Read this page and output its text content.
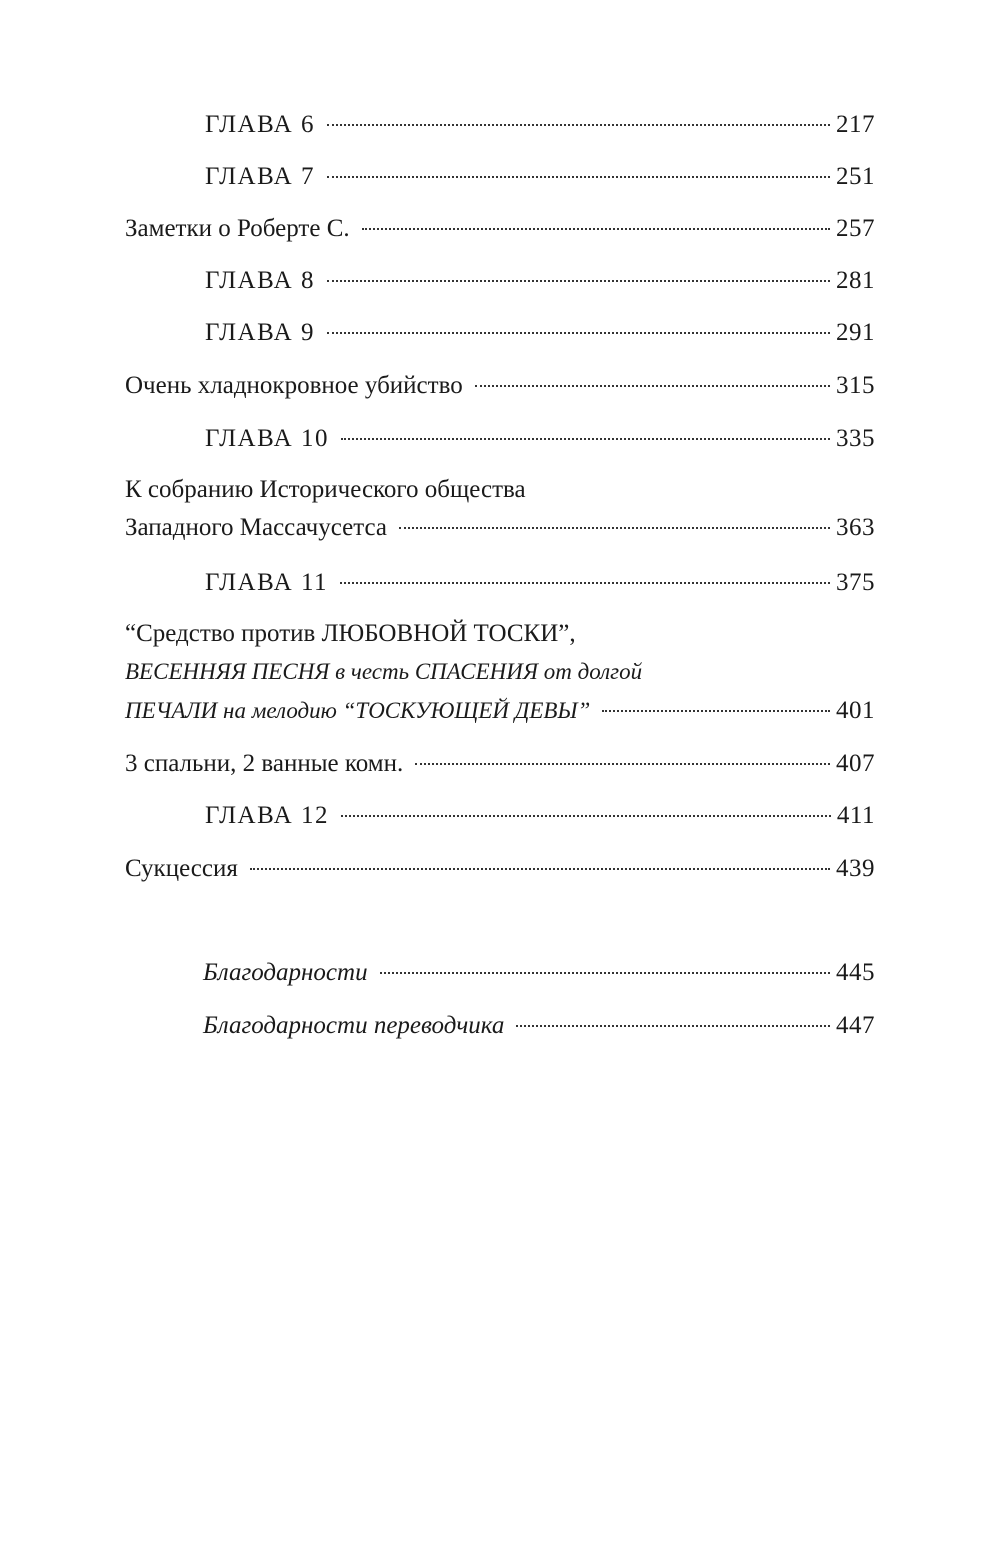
ГЛАВА 6	217
ГЛАВА 7	251
Заметки о Роберте С.	257
ГЛАВА 8	281
ГЛАВА 9	291
Очень хладнокровное убийство	315
ГЛАВА 10	335
К собранию Исторического общества
Западного Массачусетса	363
ГЛАВА 11	375
“Средство против ЛЮБОВНОЙ ТОСКИ”,
ВЕСЕННЯЯ ПЕСНЯ в честь СПАСЕНИЯ от долгой
ПЕЧАЛИ на мелодию “ТОСКУЮЩЕЙ ДЕВЫ”	401
3 спальни, 2 ванные комн.	407
ГЛАВА 12	411
Сукцессия	439
Благодарности	445
Благодарности переводчика	447
